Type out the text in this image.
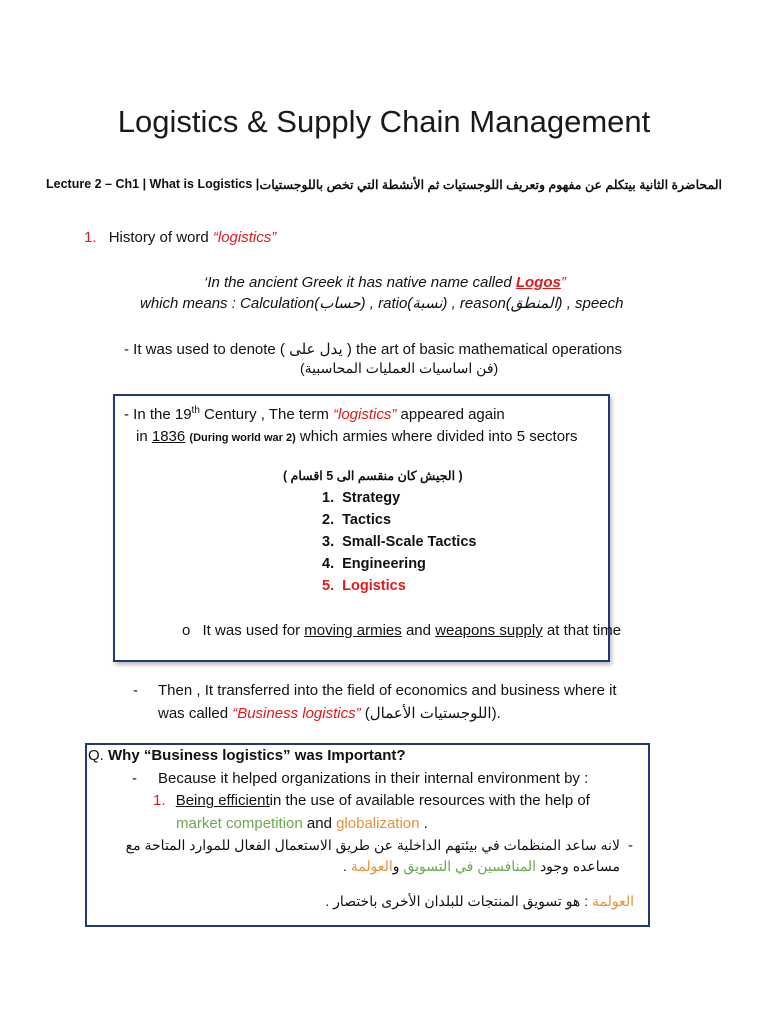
Logistics & Supply Chain Management
Lecture 2 – Ch1 | What is Logistics | المحاضرة الثانية بيتكلم عن مفهوم وتعريف اللوجستيات ثم الأنشطة التي تخص باللوجستيات
1. History of word “logistics”
‘In the ancient Greek it has native name called Logos”
which means : Calculation(حساب) , ratio(نسبة) , reason(المنطق) , speech
- It was used to denote ( يدل على ) the art of basic mathematical operations
(فن اساسيات العمليات المحاسبية)
- In the 19th Century , The term “logistics” appeared again
in 1836 (During world war 2) which armies where divided into 5 sectors
( الجيش كان منقسم الى 5 اقسام )
1. Strategy
2. Tactics
3. Small-Scale Tactics
4. Engineering
5. Logistics
o It was used for moving armies and weapons supply at that time
- Then , It transferred into the field of economics and business where it
was called “Business logistics” (اللوجستيات الأعمال).
Q. Why “Business logistics” was Important?
- Because it helped organizations in their internal environment by :
1. Being efficientin the use of available resources with the help of
market competition and globalization .
-
لانه ساعد المنظمات في بيئتهم الداخلية عن طريق الاستعمال الفعال للموارد المتاحة مع
مساعده وجود المنافسين في التسويق والعولمة .
العولمة : هو تسويق المنتجات للبلدان الأخرى باختصار .
